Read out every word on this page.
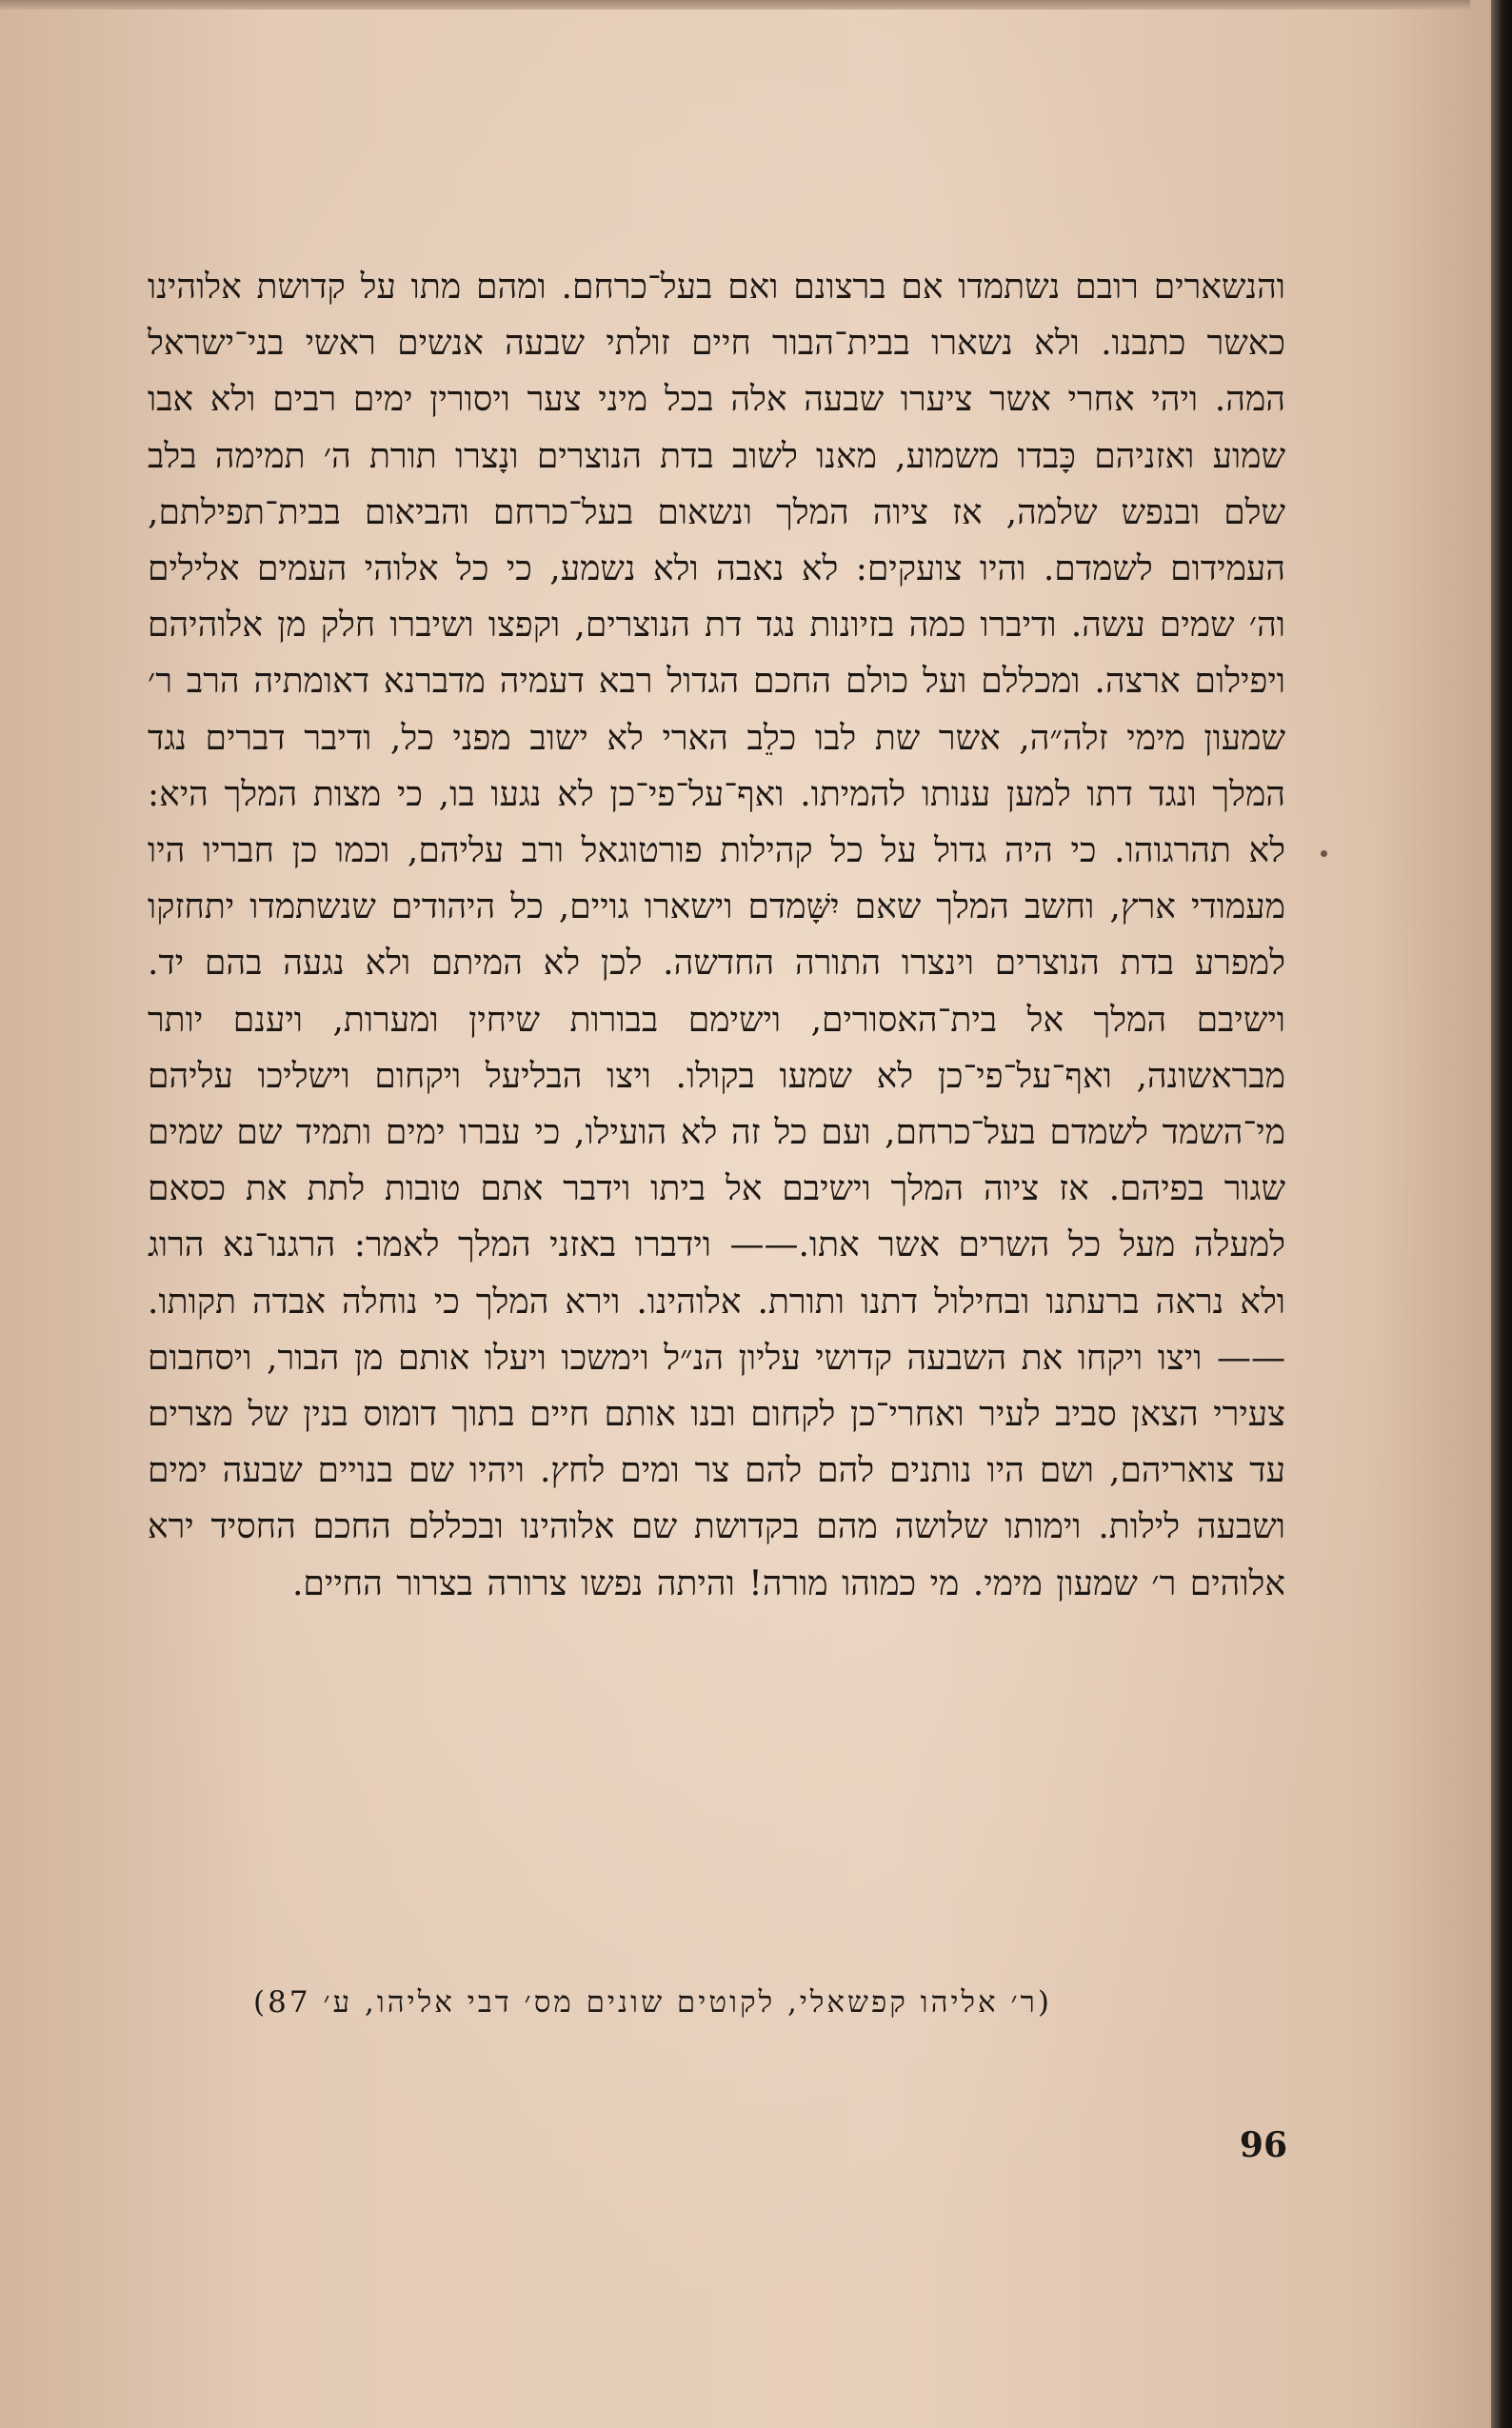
והנשארים רובם נשתמדו אם ברצונם ואם בעל־כרחם. ומהם מתו על קדושת אלוהינו כאשר כתבנו. ולא נשארו בבית־הבור חיים זולתי שבעה אנשים ראשי בני־ישראל המה. ויהי אחרי אשר ציערו שבעה אלה בכל מיני צער ויסורין ימים רבים ולא אבו שמוע ואזניהם כָּבדו משמוע, מאנו לשוב בדת הנוצרים ונָצרו תורת ה׳ תמימה בלב שלם ובנפש שלמה, אז ציוה המלך ונשאום בעל־כרחם והביאום בבית־תפילתם, העמידום לשמדם. והיו צועקים: לא נאבה ולא נשמע, כי כל אלוהי העמים אלילים וה׳ שמים עשה. ודיברו כמה בזיונות נגד דת הנוצרים, וקפצו ושיברו חלק מן אלוהיהם ויפילום ארצה. ומכללם ועל כולם החכם הגדול רבא דעמיה מדברנא דאומתיה הרב ר׳ שמעון מימי זלה״ה, אשר שת לבו כלֵב הארי לא ישוב מפני כל, ודיבר דברים נגד המלך ונגד דתו למען ענותו להמיתו. ואף־על־פי־כן לא נגעו בו, כי מצות המלך היא: לא תהרגוהו. כי היה גדול על כל קהילות פורטוגאל ורב עליהם, וכמו כן חבריו היו מעמודי ארץ, וחשב המלך שאם יִשָּׁמדם וישארו גויים, כל היהודים שנשתמדו יתחזקו למפרע בדת הנוצרים וינצרו התורה החדשה. לכן לא המיתם ולא נגעה בהם יד. וישיבם המלך אל בית־האסורים, וישימם בבורות שיחין ומערות, ויענם יותר מבראשונה, ואף־על־פי־כן לא שמעו בקולו. ויצו הבליעל ויקחום וישליכו עליהם מי־השמד לשמדם בעל־כרחם, ועם כל זה לא הועילו, כי עברו ימים ותמיד שם שמים שגור בפיהם. אז ציוה המלך וישיבם אל ביתו וידבר אתם טובות לתת את כסאם למעלה מעל כל השרים אשר אתו.—— וידברו באזני המלך לאמר: הרגנו־נא הרוג ולא נראה ברעתנו ובחילול דתנו ותורת. אלוהינו. וירא המלך כי נוחלה אבדה תקותו.—— ויצו ויקחו את השבעה קדושי עליון הנ״ל וימשכו ויעלו אותם מן הבור, ויסחבום צעירי הצאן סביב לעיר ואחרי־כן לקחום ובנו אותם חיים בתוך דומוס בנין של מצרים עד צואריהם, ושם היו נותנים להם להם צר ומים לחץ. ויהיו שם בנויים שבעה ימים ושבעה לילות. וימותו שלושה מהם בקדושת שם אלוהינו ובכללם החכם החסיד ירא אלוהים ר׳ שמעון מימי. מי כמוהו מורה! והיתה נפשו צרורה בצרור החיים.

(ר׳ אליהו קפשאלי, לקוטים שונים מס׳ דבי אליהו, ע׳ 87)
96
